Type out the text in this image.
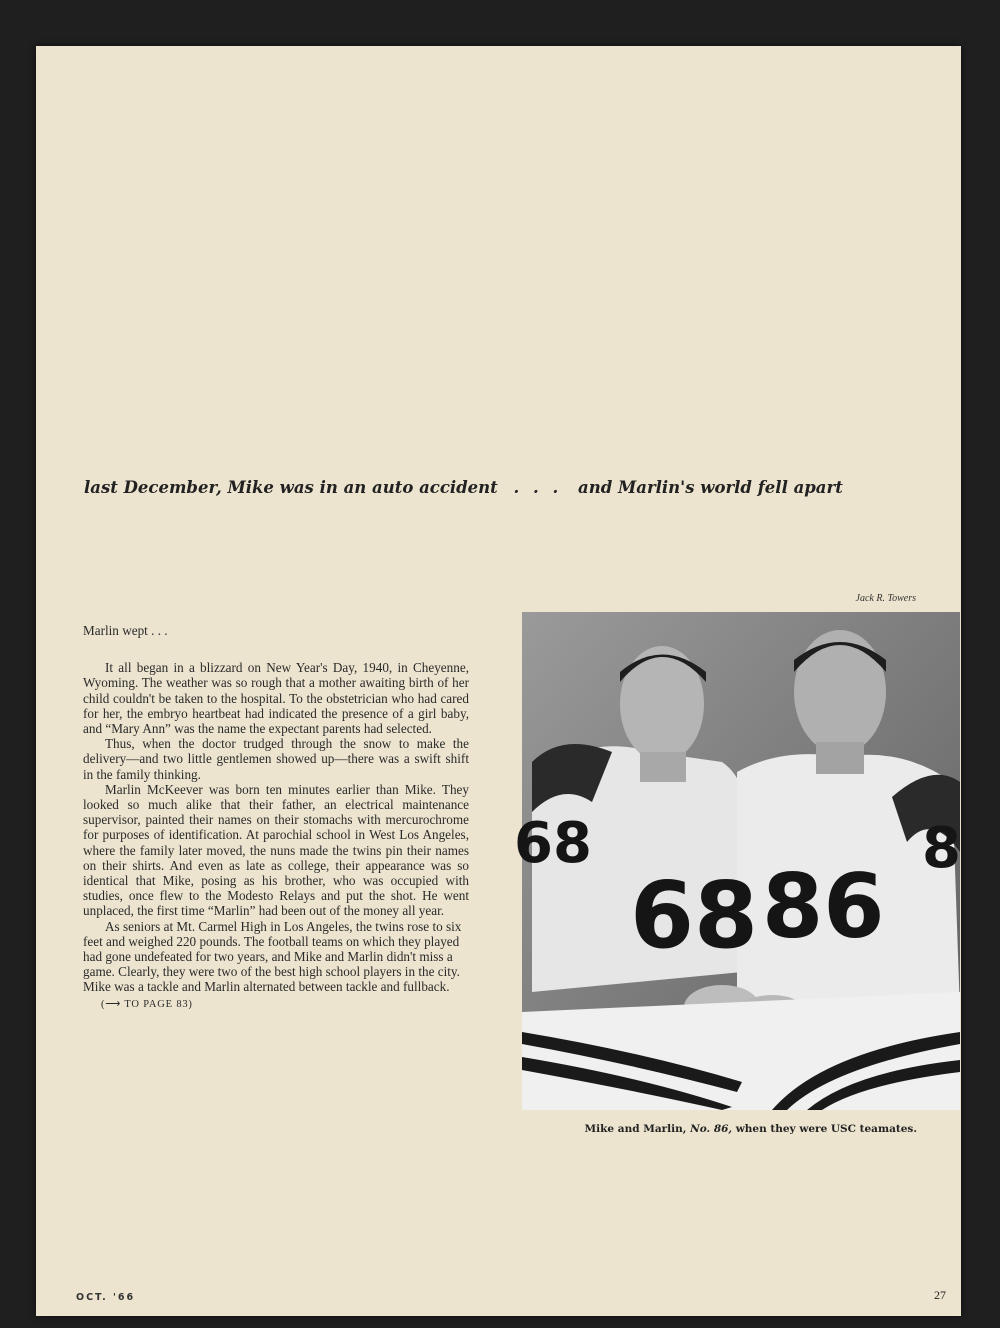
last December, Mike was in an auto accident . . . and Marlin's world fell apart
Jack R. Towers
68 86
68	8
Mike and Marlin, No. 86, when they were USC teamates.

Marlin wept . . .

It all began in a blizzard on New Year's Day, 1940, in Cheyenne, Wyoming. The weather was so rough that a mother awaiting birth of her child couldn't be taken to the hospital. To the obstetrician who had cared for her, the embryo heartbeat had indicated the presence of a girl baby, and “Mary Ann” was the name the expectant parents had selected.

Thus, when the doctor trudged through the snow to make the delivery—and two little gentlemen showed up—there was a swift shift in the family thinking.

Marlin McKeever was born ten minutes earlier than Mike. They looked so much alike that their father, an electrical maintenance supervisor, painted their names on their stomachs with mercurochrome for purposes of identification. At parochial school in West Los Angeles, where the family later moved, the nuns made the twins pin their names on their shirts. And even as late as college, their appearance was so identical that Mike, posing as his brother, who was occupied with studies, once flew to the Modesto Relays and put the shot. He went unplaced, the first time “Marlin” had been out of the money all year.

As seniors at Mt. Carmel High in Los Angeles, the twins rose to six feet and weighed 220 pounds. The football teams on which they played had gone undefeated for two years, and Mike and Marlin didn't miss a game. Clearly, they were two of the best high school players in the city. Mike was a tackle and Marlin alternated between tackle and fullback.(⟶ TO PAGE 83)

OCT. '66	27
